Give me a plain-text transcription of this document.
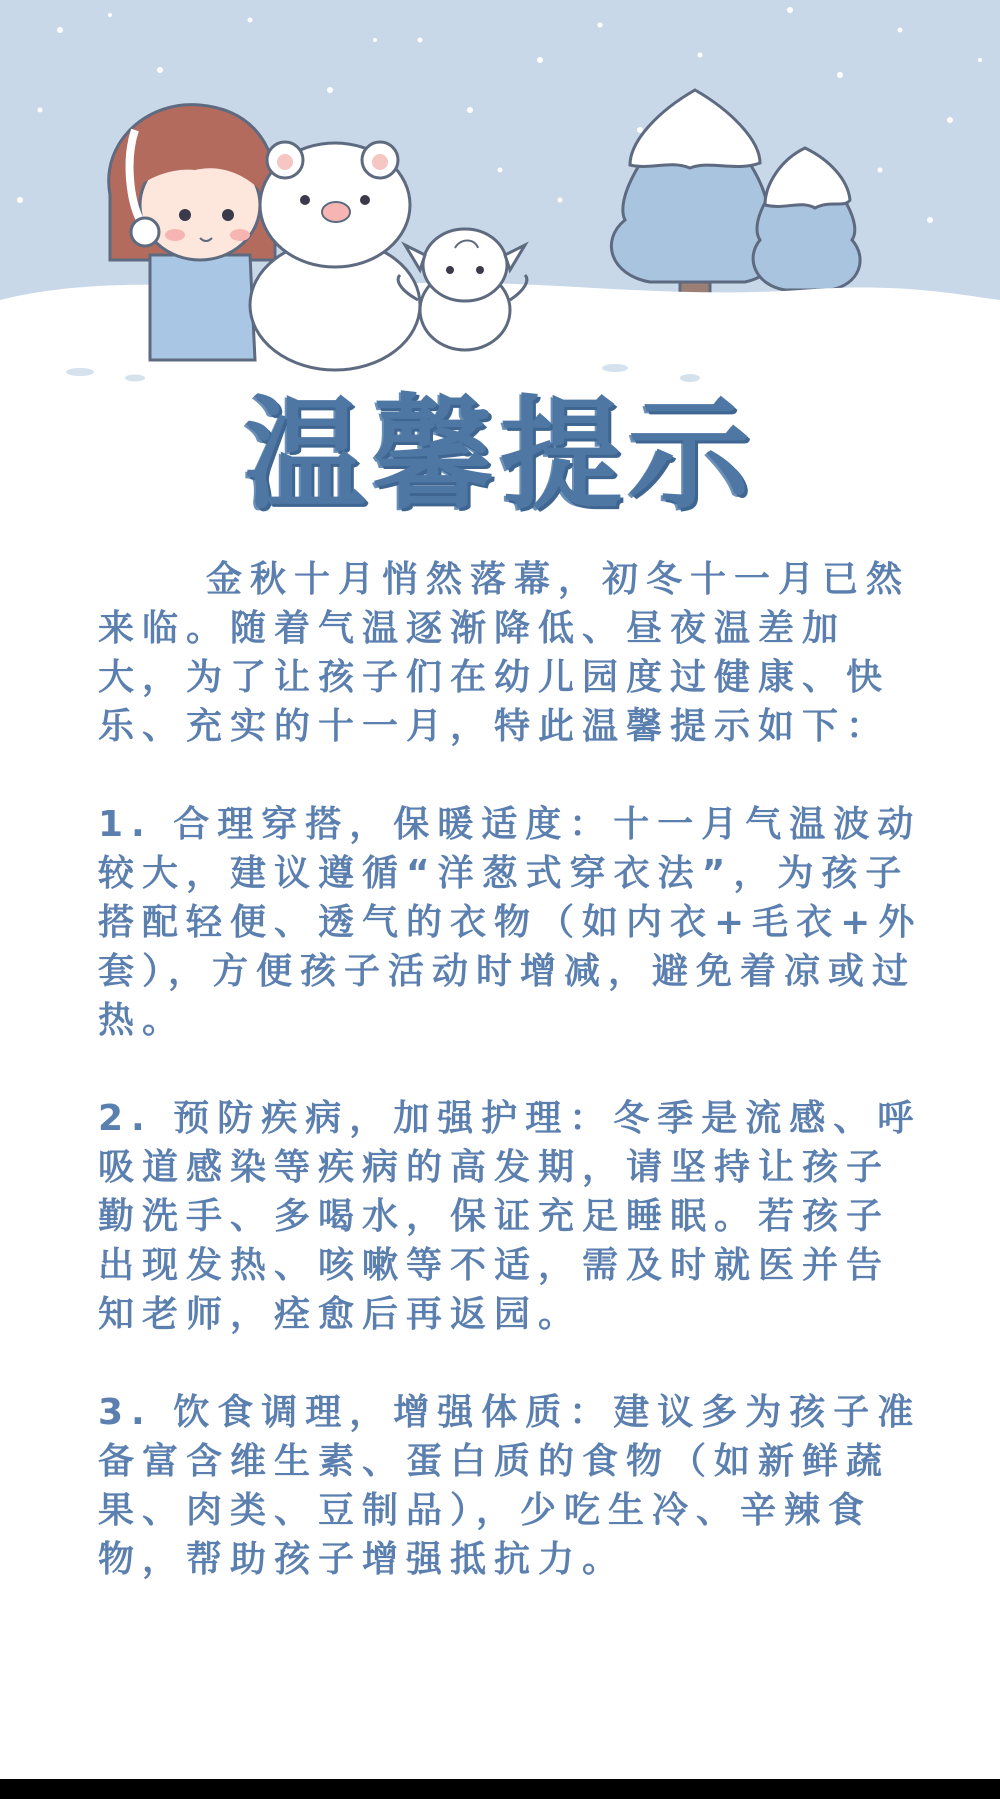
温馨提示

金秋十月悄然落幕，初冬十一月已然来临。随着气温逐渐降低、昼夜温差加大，为了让孩子们在幼儿园度过健康、快乐、充实的十一月，特此温馨提示如下：

1. 合理穿搭，保暖适度：十一月气温波动较大，建议遵循“洋葱式穿衣法”，为孩子搭配轻便、透气的衣物（如内衣+毛衣+外套），方便孩子活动时增减，避免着凉或过热。

2. 预防疾病，加强护理：冬季是流感、呼吸道感染等疾病的高发期，请坚持让孩子勤洗手、多喝水，保证充足睡眠。若孩子出现发热、咳嗽等不适，需及时就医并告知老师，痊愈后再返园。

3. 饮食调理，增强体质：建议多为孩子准备富含维生素、蛋白质的食物（如新鲜蔬果、肉类、豆制品），少吃生冷、辛辣食物，帮助孩子增强抵抗力。
